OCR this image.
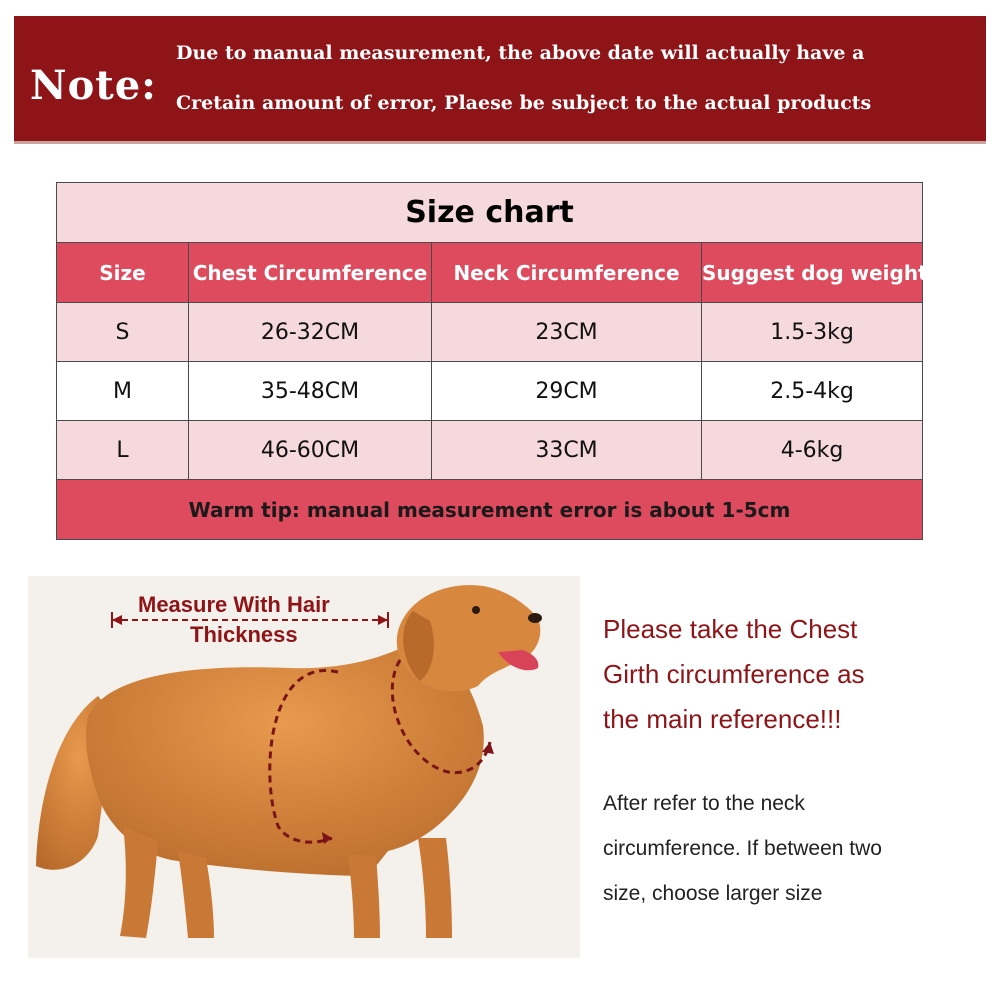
Note:
Due to manual measurement, the above date will actually have a
Cretain amount of error, Plaese be subject to the actual products
Size chart			
Size	Chest Circumference	Neck Circumference	Suggest dog weight
S	26-32CM	23CM	1.5-3kg
M	35-48CM	29CM	2.5-4kg
L	46-60CM	33CM	4-6kg
Warm tip: manual measurement error is about 1-5cm			
Measure With Hair
Thickness	Please take the Chest
Girth circumference as
the main reference!!!
After refer to the neck
circumference. If between two
size, choose larger size
